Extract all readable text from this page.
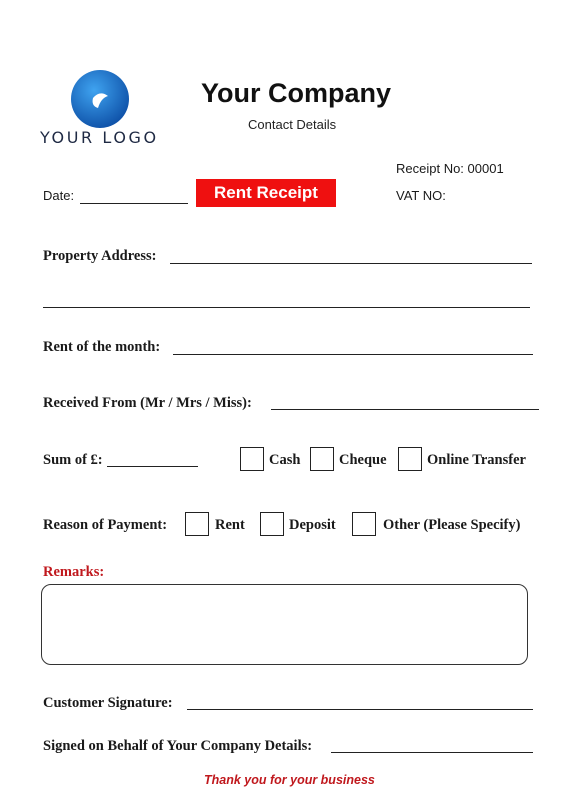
YOUR LOGO
Your Company
Contact Details
Receipt No: 00001
VAT NO:
Date:	Rent Receipt
Property Address:
Rent of the month:
Received From (Mr / Mrs / Miss):
Sum of £:	Cash	Cheque	Online Transfer
Reason of Payment:	Rent	Deposit	Other (Please Specify)
Remarks:
Customer Signature:
Signed on Behalf of Your Company Details:
Thank you for your business
